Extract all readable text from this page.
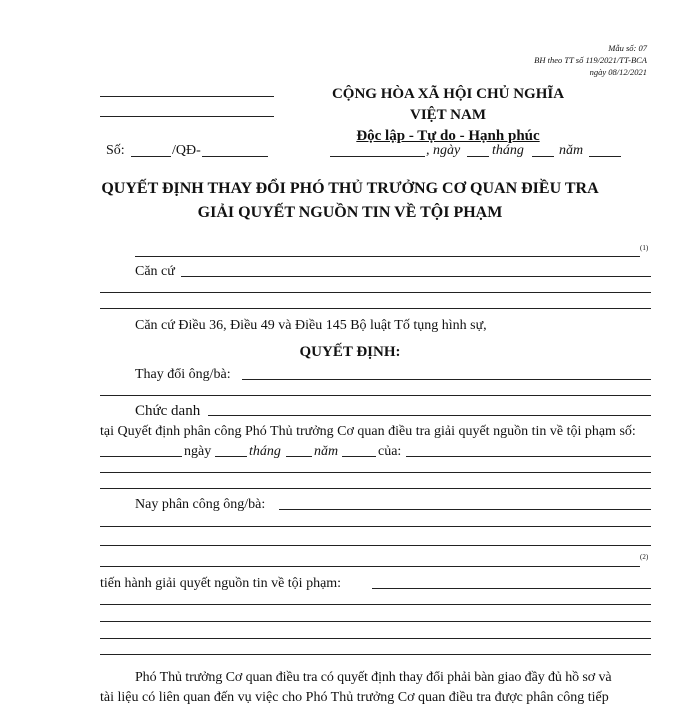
Mẫu số: 07
BH theo TT số 119/2021/TT-BCA
ngày 08/12/2021
CỘNG HÒA XÃ HỘI CHỦ NGHĨA VIỆT NAM
Độc lập - Tự do - Hạnh phúc
Số:	/QĐ-	, ngày tháng	năm
QUYẾT ĐỊNH THAY ĐỔI PHÓ THỦ TRƯỞNG CƠ QUAN ĐIỀU TRA
GIẢI QUYẾT NGUỒN TIN VỀ TỘI PHẠM
(1)
Căn cứ
Căn cứ Điều 36, Điều 49 và Điều 145 Bộ luật Tố tụng hình sự,
QUYẾT ĐỊNH:
Thay đổi ông/bà:
Chức danh
tại Quyết định phân công Phó Thủ trưởng Cơ quan điều tra giải quyết nguồn tin về tội phạm số:
ngày	tháng năm	của:
Nay phân công ông/bà:
(2)
tiến hành giải quyết nguồn tin về tội phạm:
Phó Thủ trưởng Cơ quan điều tra có quyết định thay đổi phải bàn giao đầy đủ hồ sơ và
tài liệu có liên quan đến vụ việc cho Phó Thủ trưởng Cơ quan điều tra được phân công tiếp
